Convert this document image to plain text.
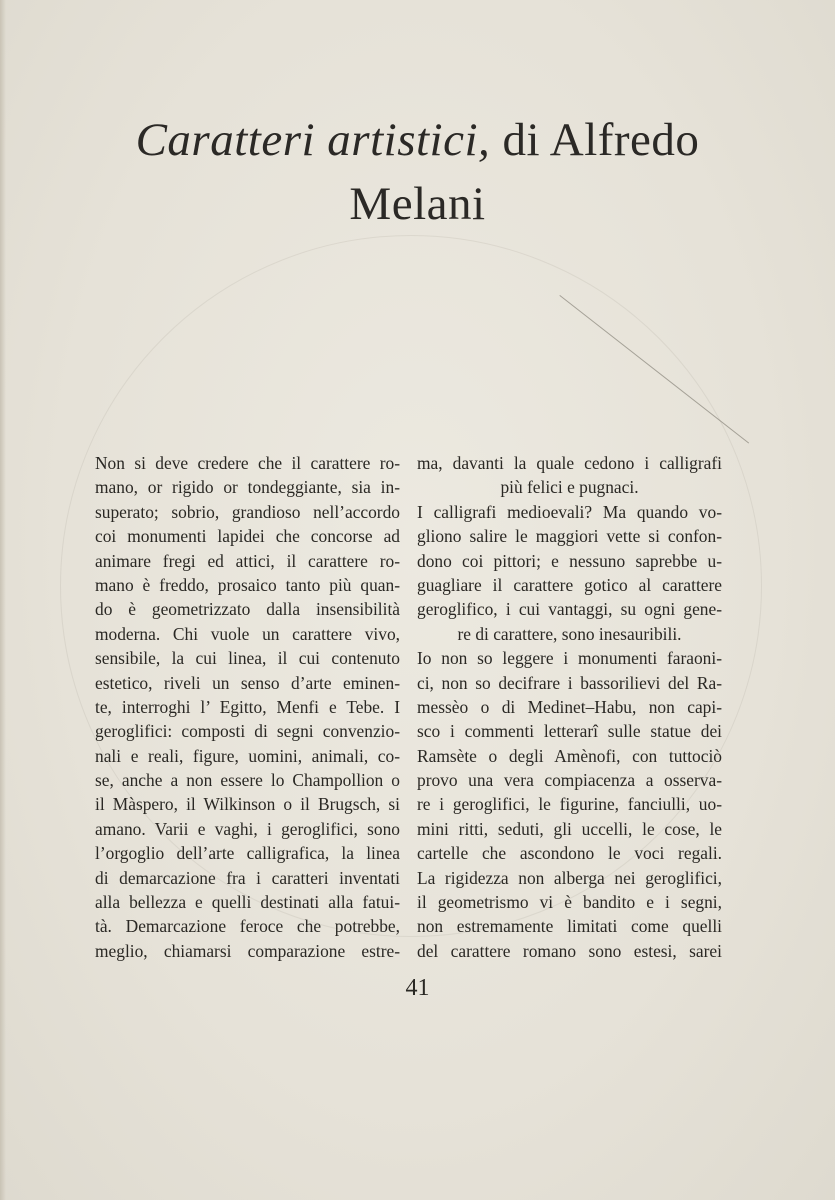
Caratteri artistici, di Alfredo
Melani
Non si deve credere che il carattere ro-
mano, or rigido or tondeggiante, sia in-
superato; sobrio, grandioso nell’accordo
coi monumenti lapidei che concorse ad
animare fregi ed attici, il carattere ro-
mano è freddo, prosaico tanto più quan-
do è geometrizzato dalla insensibilità
moderna. Chi vuole un carattere vivo,
sensibile, la cui linea, il cui contenuto
estetico, riveli un senso d’arte eminen-
te, interroghi l’ Egitto, Menfi e Tebe. I
geroglifici: composti di segni convenzio-
nali e reali, figure, uomini, animali, co-
se, anche a non essere lo Champollion o
il Màspero, il Wilkinson o il Brugsch, si
amano. Varii e vaghi, i geroglifici, sono
l’orgoglio dell’arte calligrafica, la linea
di demarcazione fra i caratteri inventati
alla bellezza e quelli destinati alla fatui-
tà. Demarcazione feroce che potrebbe,
meglio, chiamarsi comparazione estre-
ma, davanti la quale cedono i calligrafi
più felici e pugnaci.
I calligrafi medioevali? Ma quando vo-
gliono salire le maggiori vette si confon-
dono coi pittori; e nessuno saprebbe u-
guagliare il carattere gotico al carattere
geroglifico, i cui vantaggi, su ogni gene-
re di carattere, sono inesauribili.
Io non so leggere i monumenti faraoni-
ci, non so decifrare i bassorilievi del Ra-
messèo o di Medinet–Habu, non capi-
sco i commenti letterarî sulle statue dei
Ramsète o degli Amènofi, con tuttociò
provo una vera compiacenza a osserva-
re i geroglifici, le figurine, fanciulli, uo-
mini ritti, seduti, gli uccelli, le cose, le
cartelle che ascondono le voci regali.
La rigidezza non alberga nei geroglifici,
il geometrismo vi è bandito e i segni,
non estremamente limitati come quelli
del carattere romano sono estesi, sarei
41
